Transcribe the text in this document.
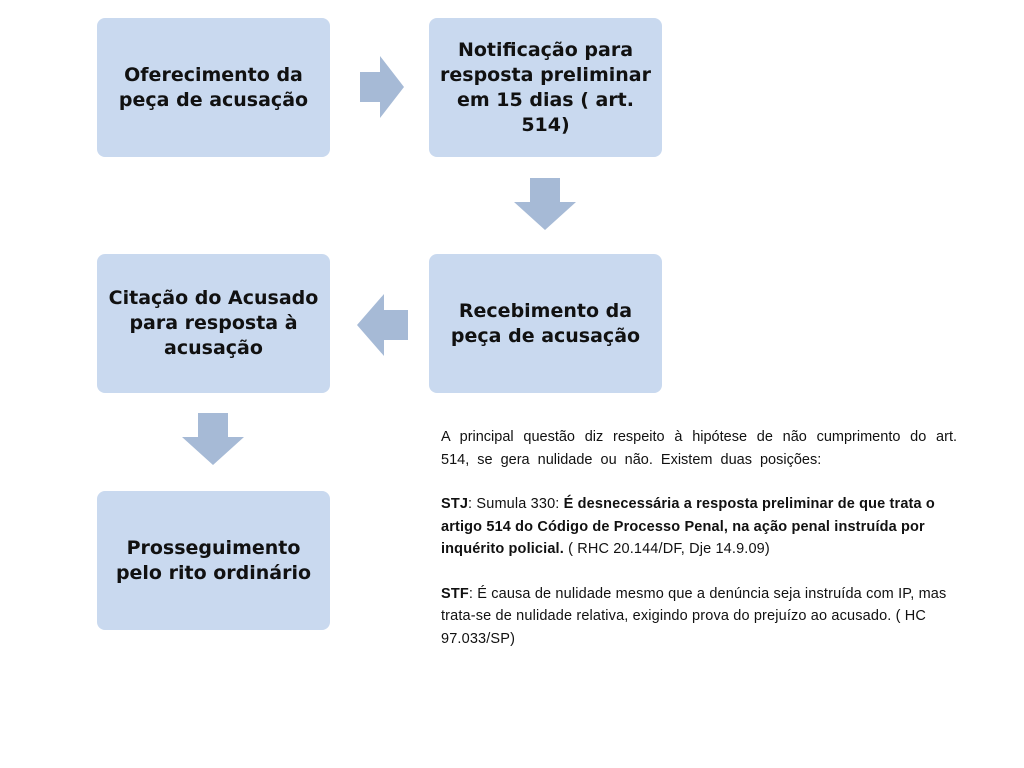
Oferecimento da peça de acusação
Notificação para resposta preliminar em 15 dias ( art. 514)
Citação do Acusado para resposta à acusação
Recebimento da peça de acusação
Prosseguimento pelo rito ordinário

A principal questão diz respeito à hipótese de não cumprimento do art. 514, se gera nulidade ou não. Existem duas posições:

STJ: Sumula 330: É desnecessária a resposta preliminar de que trata o artigo 514 do Código de Processo Penal, na ação penal instruída por inquérito policial. ( RHC 20.144/DF, Dje 14.9.09)

STF: É causa de nulidade mesmo que a denúncia seja instruída com IP, mas trata-se de nulidade relativa, exigindo prova do prejuízo ao acusado. ( HC 97.033/SP)
